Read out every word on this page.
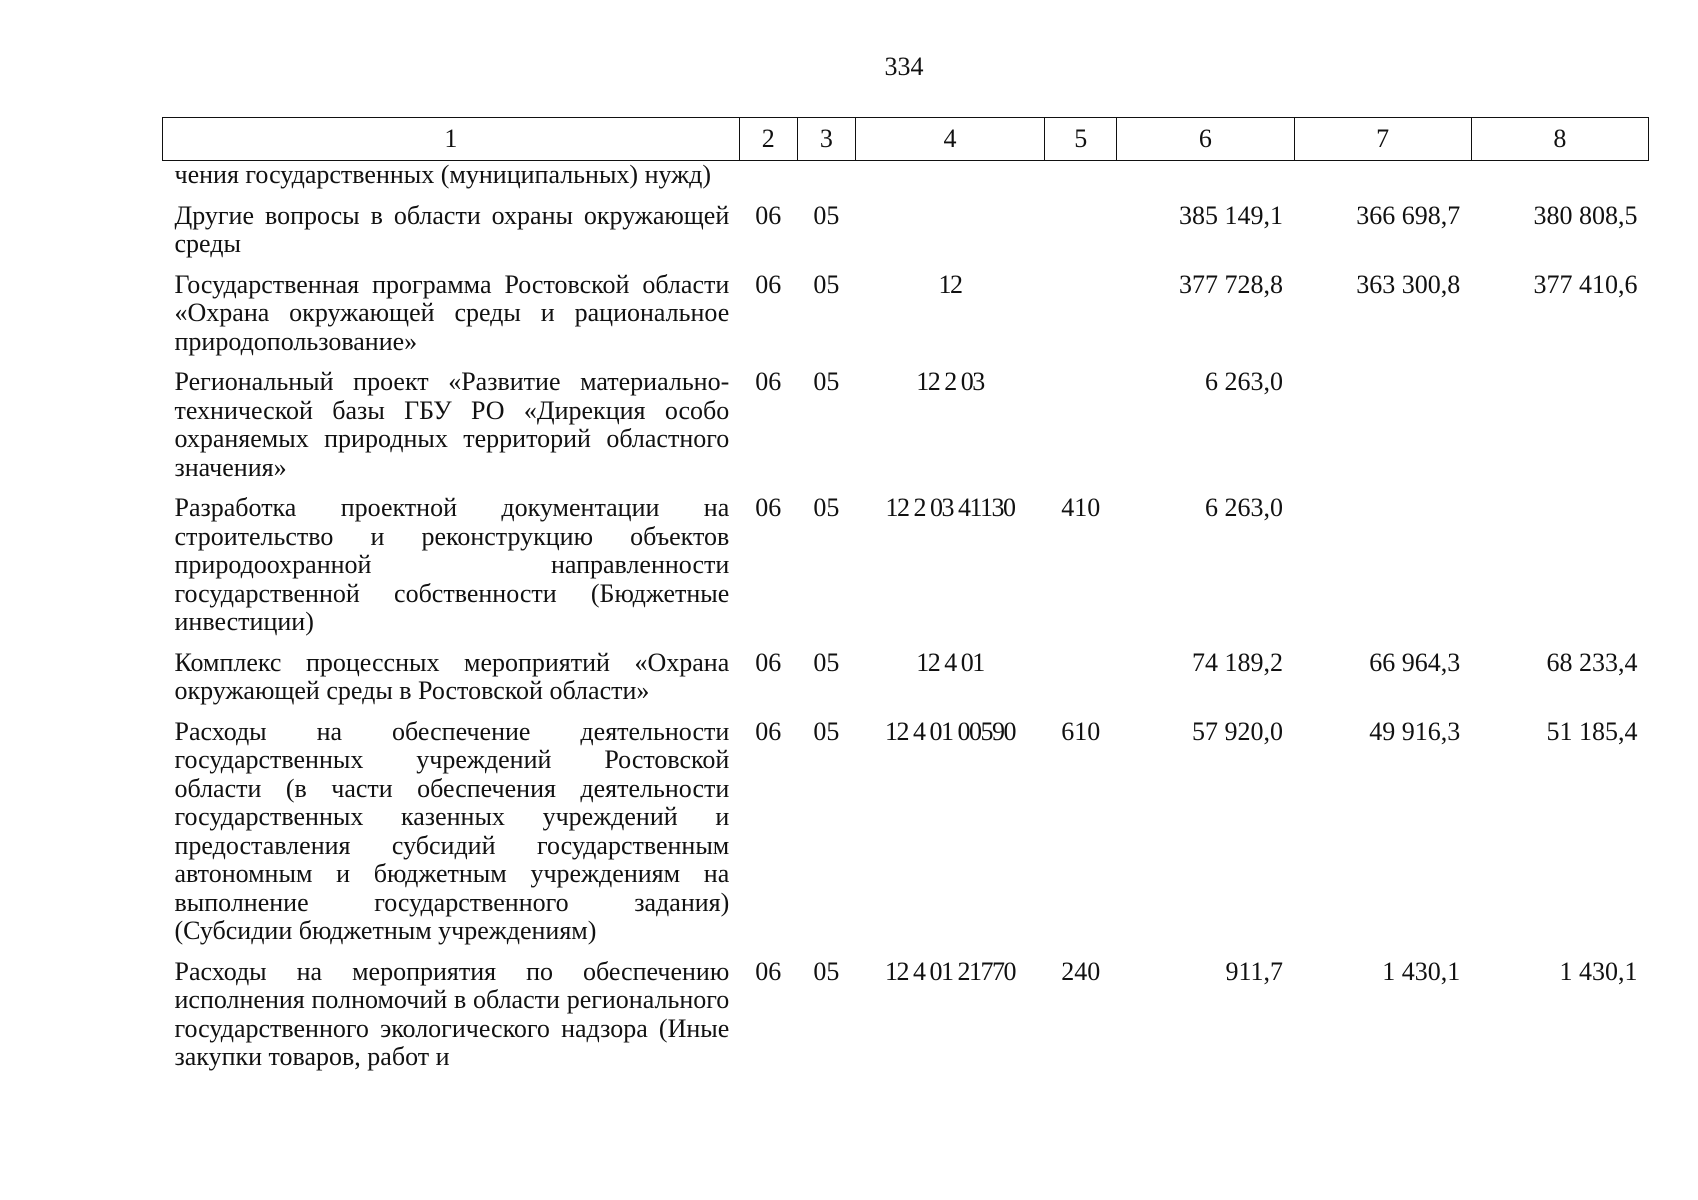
334
1	2	3	4	5	6	7	8
чения государственных (муниципальных) нужд)							
Другие вопросы в области охраны окружающей среды	06	05			385 149,1	366 698,7	380 808,5
Государственная программа Ростовской области «Охрана окружающей среды и рациональное природопользование»	06	05	12		377 728,8	363 300,8	377 410,6
Региональный проект «Развитие материально-технической базы ГБУ РО «Дирекция особо охраняемых природных территорий областного значения»	06	05	12 2 03		6 263,0		
Разработка проектной документации на строительство и реконструкцию объектов природоохранной направленности государственной собственности (Бюджетные инвестиции)	06	05	12 2 03 41130	410	6 263,0		
Комплекс процессных мероприятий «Охрана окружающей среды в Ростовской области»	06	05	12 4 01		74 189,2	66 964,3	68 233,4
Расходы на обеспечение деятельности государственных учреждений Ростовской области (в части обеспечения деятельности государственных казенных учреждений и предоставления субсидий государственным автономным и бюджетным учреждениям на выполнение государственного задания) (Субсидии бюджетным учреждениям)	06	05	12 4 01 00590	610	57 920,0	49 916,3	51 185,4
Расходы на мероприятия по обеспечению исполнения полномочий в области регионального государственного экологического надзора (Иные закупки товаров, работ и	06	05	12 4 01 21770	240	911,7	1 430,1	1 430,1
